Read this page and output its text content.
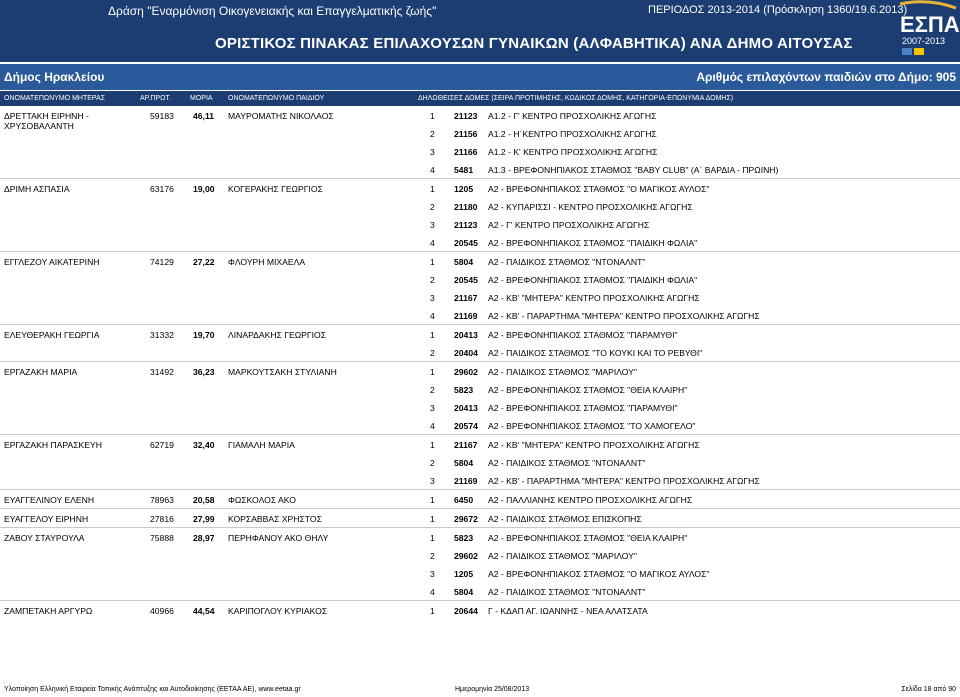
Δράση "Εναρμόνιση Οικογενειακής και Επαγγελματικής ζωής"	ΠΕΡΙΟΔΟΣ 2013-2014 (Πρόσκληση 1360/19.6.2013)
ΟΡΙΣΤΙΚΟΣ ΠΙΝΑΚΑΣ ΕΠΙΛΑΧΟΥΣΩΝ ΓΥΝΑΙΚΩΝ (ΑΛΦΑΒΗΤΙΚΑ) ΑΝΑ ΔΗΜΟ ΑΙΤΟΥΣΑΣ
ΕΣΠΑ
2007-2013
Δήμος Ηρακλείου	Αριθμός επιλαχόντων παιδιών στο Δήμο: 905
ΟΝΟΜΑΤΕΠΩΝΥΜΟ ΜΗΤΕΡΑΣ	ΑΡ.ΠΡΩΤ.	ΜΟΡΙΑ ΟΝΟΜΑΤΕΠΩΝΥΜΟ ΠΑΙΔΙΟΥ	ΔΗΛΩΘΕΙΣΕΣ ΔΟΜΕΣ (ΣΕΙΡΑ ΠΡΟΤΙΜΗΣΗΣ, ΚΩΔΙΚΟΣ ΔΟΜΗΣ, ΚΑΤΗΓΟΡΙΑ-ΕΠΩΝΥΜΙΑ ΔΟΜΗΣ)
ΔΡΕΤΤΑΚΗ ΕΙΡΗΝΗ - ΧΡΥΣΟΒΑΛΑΝΤΗ
59183 46,11 ΜΑΥΡΟΜΑΤΗΣ ΝΙΚΟΛΑΟΣ	1 21123 Α1.2 - Γ' ΚΕΝΤΡΟ ΠΡΟΣΧΟΛΙΚΗΣ ΑΓΩΓΗΣ
2 21156 Α1.2 - Η΄ΚΕΝΤΡΟ ΠΡΟΣΧΟΛΙΚΗΣ ΑΓΩΓΗΣ
3 21166 Α1.2 - Κ' ΚΕΝΤΡΟ ΠΡΟΣΧΟΛΙΚΗΣ ΑΓΩΓΗΣ
4 5481 Α1.3 - ΒΡΕΦΟΝΗΠΙΑΚΟΣ ΣΤΑΘΜΟΣ "BABY CLUB" (Α΄ ΒΑΡΔΙΑ - ΠΡΩΙΝΗ)
ΔΡΙΜΗ ΑΣΠΑΣΙΑ	63176 19,00 ΚΟΓΕΡΑΚΗΣ ΓΕΩΡΓΙΟΣ	1 1205 Α2 - ΒΡΕΦΟΝΗΠΙΑΚΟΣ ΣΤΑΘΜΟΣ "Ο ΜΑΓΙΚΟΣ ΑΥΛΟΣ"
2 21180 Α2 - ΚΥΠΑΡΙΣΣΙ - ΚΕΝΤΡΟ ΠΡΟΣΧΟΛΙΚΗΣ ΑΓΩΓΗΣ
3 21123 Α2 - Γ' ΚΕΝΤΡΟ ΠΡΟΣΧΟΛΙΚΗΣ ΑΓΩΓΗΣ
4 20545 Α2 - ΒΡΕΦΟΝΗΠΙΑΚΟΣ ΣΤΑΘΜΟΣ "ΠΑΙΔΙΚΗ ΦΩΛΙΑ"
ΕΓΓΛΕΖΟΥ ΑΙΚΑΤΕΡΙΝΗ	74129 27,22 ΦΛΟΥΡΗ ΜΙΧΑΕΛΑ	1 5804 Α2 - ΠΑΙΔΙΚΟΣ ΣΤΑΘΜΟΣ "ΝΤΟΝΑΛΝΤ"
2 20545 Α2 - ΒΡΕΦΟΝΗΠΙΑΚΟΣ ΣΤΑΘΜΟΣ "ΠΑΙΔΙΚΗ ΦΩΛΙΑ"
3 21167 Α2 - ΚΒ' "ΜΗΤΕΡΑ" ΚΕΝΤΡΟ ΠΡΟΣΧΟΛΙΚΗΣ ΑΓΩΓΗΣ
4 21169 Α2 - ΚΒ' - ΠΑΡΑΡΤΗΜΑ "ΜΗΤΕΡΑ" ΚΕΝΤΡΟ ΠΡΟΣΧΟΛΙΚΗΣ ΑΓΩΓΗΣ
ΕΛΕΥΘΕΡΑΚΗ ΓΕΩΡΓΙΑ	31332 19,70 ΛΙΝΑΡΔΑΚΗΣ ΓΕΩΡΓΙΟΣ	1 20413 Α2 - ΒΡΕΦΟΝΗΠΙΑΚΟΣ ΣΤΑΘΜΟΣ "ΠΑΡΑΜΥΘΙ"
2 20404 Α2 - ΠΑΙΔΙΚΟΣ ΣΤΑΘΜΟΣ "ΤΟ ΚΟΥΚΙ ΚΑΙ ΤΟ ΡΕΒΥΘΙ"
ΕΡΓΑΖΑΚΗ ΜΑΡΙΑ	31492 36,23 ΜΑΡΚΟΥΤΣΑΚΗ ΣΤΥΛΙΑΝΗ	1 29602 Α2 - ΠΑΙΔΙΚΟΣ ΣΤΑΘΜΟΣ "ΜΑΡΙΛΟΥ"
2 5823 Α2 - ΒΡΕΦΟΝΗΠΙΑΚΟΣ ΣΤΑΘΜΟΣ "ΘΕΙΑ ΚΛΑΙΡΗ"
3 20413 Α2 - ΒΡΕΦΟΝΗΠΙΑΚΟΣ ΣΤΑΘΜΟΣ "ΠΑΡΑΜΥΘΙ"
4 20574 Α2 - ΒΡΕΦΟΝΗΠΙΑΚΟΣ ΣΤΑΘΜΟΣ "ΤΟ ΧΑΜΟΓΕΛΟ"
ΕΡΓΑΖΑΚΗ ΠΑΡΑΣΚΕΥΗ	62719 32,40 ΓΙΑΜΑΛΗ ΜΑΡΙΑ	1 21167 Α2 - ΚΒ' "ΜΗΤΕΡΑ" ΚΕΝΤΡΟ ΠΡΟΣΧΟΛΙΚΗΣ ΑΓΩΓΗΣ
2 5804 Α2 - ΠΑΙΔΙΚΟΣ ΣΤΑΘΜΟΣ "ΝΤΟΝΑΛΝΤ"
3 21169 Α2 - ΚΒ' - ΠΑΡΑΡΤΗΜΑ "ΜΗΤΕΡΑ" ΚΕΝΤΡΟ ΠΡΟΣΧΟΛΙΚΗΣ ΑΓΩΓΗΣ
ΕΥΑΓΓΕΛΙΝΟΥ ΕΛΕΝΗ	78963 20,58 ΦΩΣΚΟΛΟΣ ΑΚΟ	1 6450 Α2 - ΠΑΛΛΙΑΝΗΣ ΚΕΝΤΡΟ ΠΡΟΣΧΟΛΙΚΗΣ ΑΓΩΓΗΣ
ΕΥΑΓΓΕΛΟΥ ΕΙΡΗΝΗ	27816 27,99 ΚΟΡΣΑΒΒΑΣ ΧΡΗΣΤΟΣ	1 29672 Α2 - ΠΑΙΔΙΚΟΣ ΣΤΑΘΜΟΣ ΕΠΙΣΚΟΠΗΣ
ΖΑΒΟΥ ΣΤΑΥΡΟΥΛΑ	75888 28,97 ΠΕΡΗΦΑΝΟΥ ΑΚΟ ΘΗΛΥ	1 5823 Α2 - ΒΡΕΦΟΝΗΠΙΑΚΟΣ ΣΤΑΘΜΟΣ "ΘΕΙΑ ΚΛΑΙΡΗ"
2 29602 Α2 - ΠΑΙΔΙΚΟΣ ΣΤΑΘΜΟΣ "ΜΑΡΙΛΟΥ"
3 1205 Α2 - ΒΡΕΦΟΝΗΠΙΑΚΟΣ ΣΤΑΘΜΟΣ "Ο ΜΑΓΙΚΟΣ ΑΥΛΟΣ"
4 5804 Α2 - ΠΑΙΔΙΚΟΣ ΣΤΑΘΜΟΣ "ΝΤΟΝΑΛΝΤ"
ΖΑΜΠΕΤΑΚΗ ΑΡΓΥΡΩ	40966 44,54 ΚΑΡΙΠΟΓΛΟΥ ΚΥΡΙΑΚΟΣ	1 20644 Γ - ΚΔΑΠ ΑΓ. ΙΩΑΝΝΗΣ - ΝΕΑ ΑΛΑΤΣΑΤΑ
Υλοποίηση Ελληνική Εταιρεία Τοπικής Ανάπτυξης και Αυτοδιοίκησης (ΕΕΤΑΑ ΑΕ), www.eetaa.gr	Ημερομηνία 25/08/2013	Σελίδα 18 από 90
